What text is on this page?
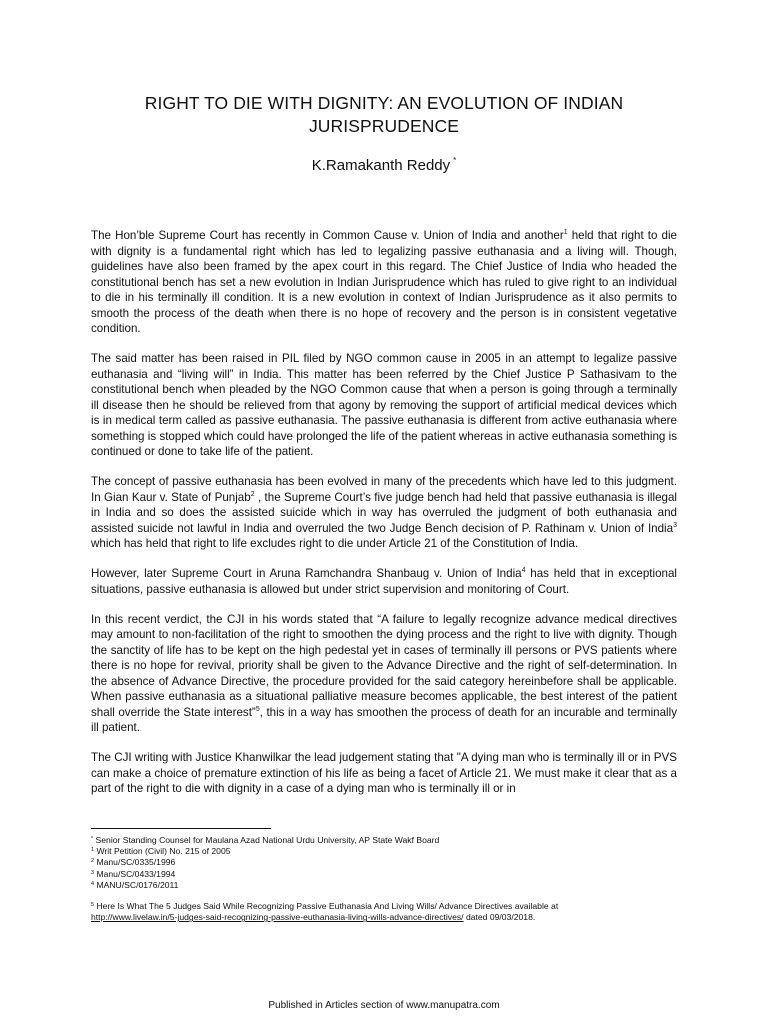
RIGHT TO DIE WITH DIGNITY: AN EVOLUTION OF INDIAN JURISPRUDENCE
K.Ramakanth Reddy *

The Hon’ble Supreme Court has recently in Common Cause v. Union of India and another$^1$ held that right to die with dignity is a fundamental right which has led to legalizing passive euthanasia and a living will. Though, guidelines have also been framed by the apex court in this regard. The Chief Justice of India who headed the constitutional bench has set a new evolution in Indian Jurisprudence which has ruled to give right to an individual to die in his terminally ill condition. It is a new evolution in context of Indian Jurisprudence as it also permits to smooth the process of the death when there is no hope of recovery and the person is in consistent vegetative condition.

The said matter has been raised in PIL filed by NGO common cause in 2005 in an attempt to legalize passive euthanasia and “living will” in India. This matter has been referred by the Chief Justice P Sathasivam to the constitutional bench when pleaded by the NGO Common cause that when a person is going through a terminally ill disease then he should be relieved from that agony by removing the support of artificial medical devices which is in medical term called as passive euthanasia. The passive euthanasia is different from active euthanasia where something is stopped which could have prolonged the life of the patient whereas in active euthanasia something is continued or done to take life of the patient.

The concept of passive euthanasia has been evolved in many of the precedents which have led to this judgment. In Gian Kaur v. State of Punjab$^2$ , the Supreme Court’s five judge bench had held that passive euthanasia is illegal in India and so does the assisted suicide which in way has overruled the judgment of both euthanasia and assisted suicide not lawful in India and overruled the two Judge Bench decision of P. Rathinam v. Union of India$^3$ which has held that right to life excludes right to die under Article 21 of the Constitution of India.

However, later Supreme Court in Aruna Ramchandra Shanbaug v. Union of India$^4$ has held that in exceptional situations, passive euthanasia is allowed but under strict supervision and monitoring of Court.

In this recent verdict, the CJI in his words stated that “A failure to legally recognize advance medical directives may amount to non-facilitation of the right to smoothen the dying process and the right to live with dignity. Though the sanctity of life has to be kept on the high pedestal yet in cases of terminally ill persons or PVS patients where there is no hope for revival, priority shall be given to the Advance Directive and the right of self-determination. In the absence of Advance Directive, the procedure provided for the said category hereinbefore shall be applicable. When passive euthanasia as a situational palliative measure becomes applicable, the best interest of the patient shall override the State interest”$^5$, this in a way has smoothen the process of death for an incurable and terminally ill patient.

The CJI writing with Justice Khanwilkar the lead judgement stating that "A dying man who is terminally ill or in PVS can make a choice of premature extinction of his life as being a facet of Article 21. We must make it clear that as a part of the right to die with dignity in a case of a dying man who is terminally ill or in

* Senior Standing Counsel for Maulana Azad National Urdu University, AP State Wakf Board
$^1$ Writ Petition (Civil) No. 215 of 2005
$^2$ Manu/SC/0335/1996
$^3$ Manu/SC/0433/1994
$^4$ MANU/SC/0176/2011
$^5$ Here Is What The 5 Judges Said While Recognizing Passive Euthanasia And Living Wills/ Advance Directives available at
http://www.livelaw.in/5-judges-said-recognizing-passive-euthanasia-living-wills-advance-directives/ dated 09/03/2018.
Published in Articles section of www.manupatra.com
